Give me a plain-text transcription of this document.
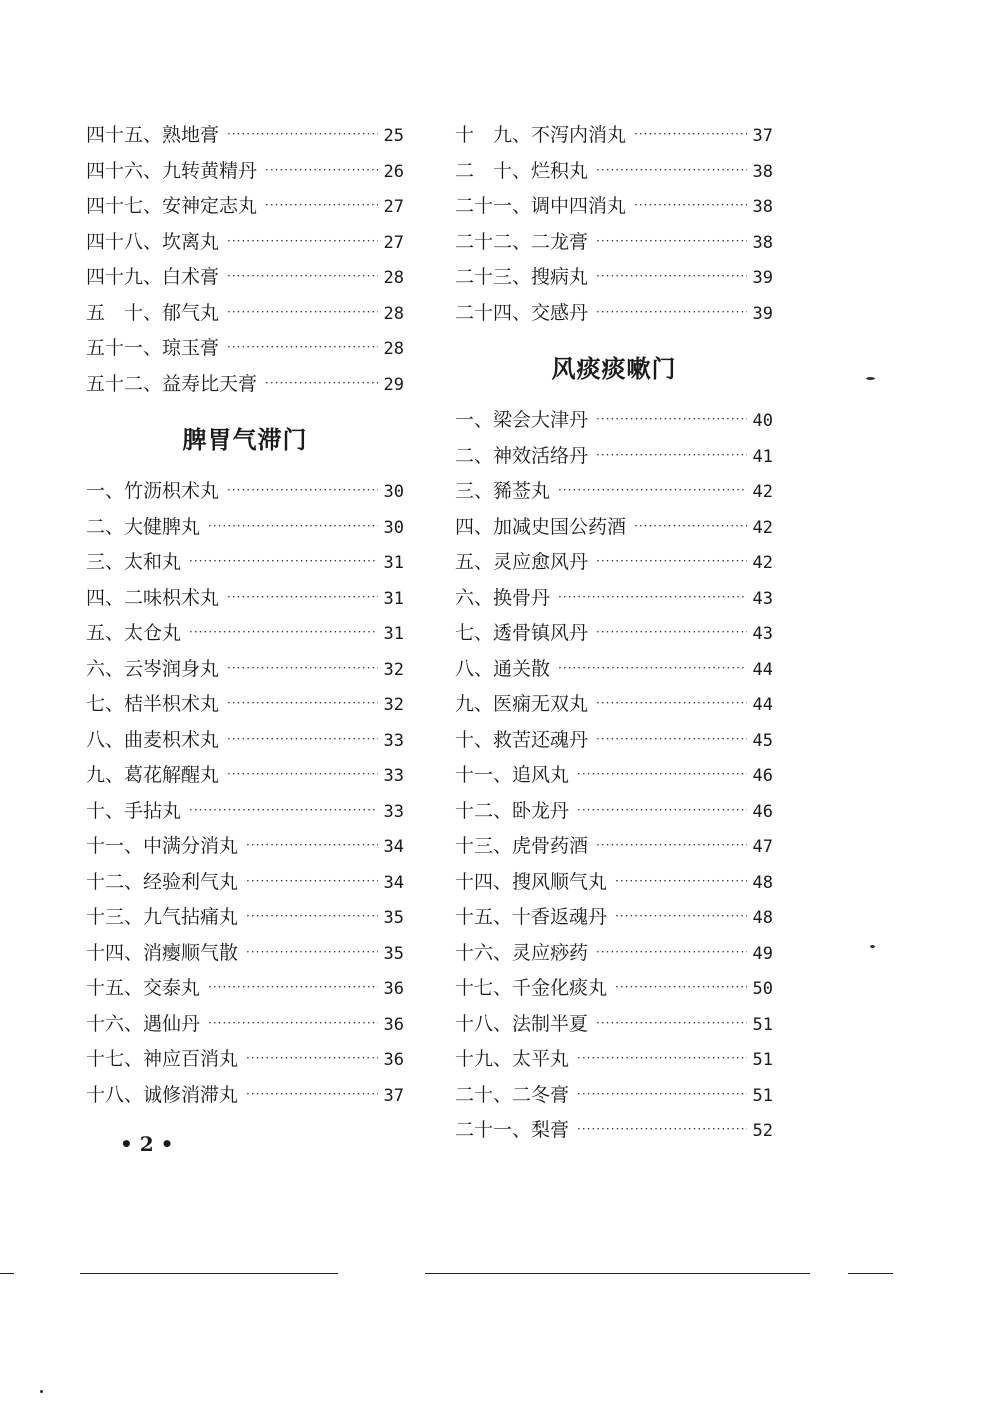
四十五 、 熟地膏 ·····	25
四十六 、 九转黄精丹 ·····	26
四十七 、 安神定志丸 ·····	27
四十八 、 坎离丸 ·····	27
四十九 、 白术膏 ·····	28
五　十 、 郁气丸 ·····	28
五十一 、 琼玉膏 ·····	28
五十二 、 益寿比天膏 ·····	29
脾胃气滞门
一 、 竹沥枳术丸 ·····	30
二 、 大健脾丸 ·····	30
三 、 太和丸 ·····	31
四 、 二味枳术丸 ·····	31
五 、 太仓丸 ·····	31
六 、 云岑润身丸 ·····	32
七 、 桔半枳术丸 ·····	32
八 、 曲麦枳术丸 ·····	33
九 、 葛花解醒丸 ·····	33
十 、 手拈丸 ·····	33
十一 、 中满分消丸 ·····	34
十二 、 经验利气丸 ·····	34
十三 、 九气拈痛丸 ·····	35
十四 、 消瘿顺气散 ·····	35
十五 、 交泰丸 ·····	36
十六 、 遇仙丹 ·····	36
十七 、 神应百消丸 ·····	36
十八 、 诚修消滞丸 ·····	37
十　九 、 不泻内消丸 ·····	37
二　十 、 烂积丸 ·····	38
二十一 、 调中四消丸 ·····	38
二十二 、 二龙膏 ·····	38
二十三 、 搜病丸 ·····	39
二十四 、 交感丹 ·····	39
风痰痰嗽门
一 、 梁会大津丹 ·····	40
二 、 神效活络丹 ·····	41
三 、 豨莶丸 ·····	42
四 、 加减史国公药酒 ·····	42
五 、 灵应愈风丹 ·····	42
六 、 换骨丹 ·····	43
七 、 透骨镇风丹 ·····	43
八 、 通关散 ·····	44
九 、 医痫无双丸 ·····	44
十 、 救苦还魂丹 ·····	45
十一 、 追风丸 ·····	46
十二 、 卧龙丹 ·····	46
十三 、 虎骨药酒 ·····	47
十四 、 搜风顺气丸 ·····	48
十五 、 十香返魂丹 ·····	48
十六 、 灵应痧药 ·····	49
十七 、 千金化痰丸 ·····	50
十八 、 法制半夏 ·····	51
十九 、 太平丸 ·····	51
二十 、 二冬膏 ·····	51
二十一 、 梨膏 ·····	52
• 2 •
